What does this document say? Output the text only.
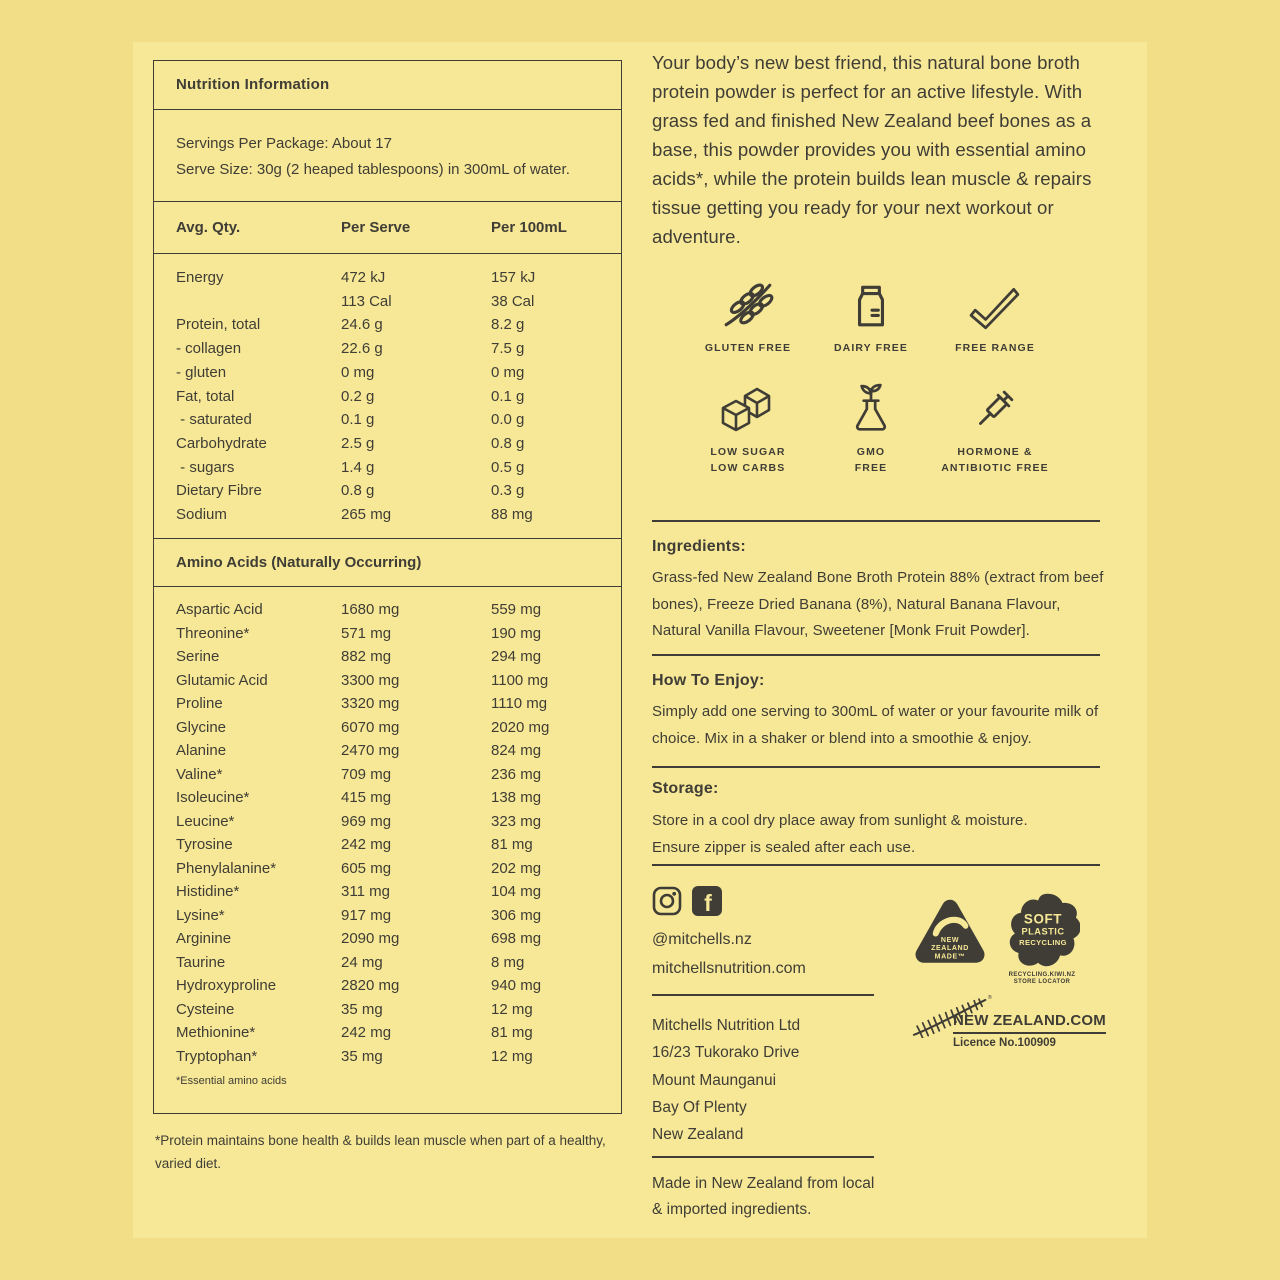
Nutrition Information
Servings Per Package: About 17
Serve Size: 30g (2 heaped tablespoons) in 300mL of water.
Avg. Qty.	Per Serve	Per 100mL
Energy	472 kJ	157 kJ
113 Cal	38 Cal
Protein, total	24.6 g	8.2 g
- collagen	22.6 g	7.5 g
- gluten	0 mg	0 mg
Fat, total	0.2 g	0.1 g
- saturated	0.1 g	0.0 g
Carbohydrate	2.5 g	0.8 g
- sugars	1.4 g	0.5 g
Dietary Fibre	0.8 g	0.3 g
Sodium	265 mg	88 mg
Amino Acids (Naturally Occurring)
Aspartic Acid	1680 mg	559 mg
Threonine*	571 mg	190 mg
Serine	882 mg	294 mg
Glutamic Acid	3300 mg	1100 mg
Proline	3320 mg	1110 mg
Glycine	6070 mg	2020 mg
Alanine	2470 mg	824 mg
Valine*	709 mg	236 mg
Isoleucine*	415 mg	138 mg
Leucine*	969 mg	323 mg
Tyrosine	242 mg	81 mg
Phenylalanine*	605 mg	202 mg
Histidine*	311 mg	104 mg
Lysine*	917 mg	306 mg
Arginine	2090 mg	698 mg
Taurine	24 mg	8 mg
Hydroxyproline	2820 mg	940 mg
Cysteine	35 mg	12 mg
Methionine*	242 mg	81 mg
Tryptophan*	35 mg	12 mg
*Essential amino acids
*Protein maintains bone health & builds lean muscle when part of a healthy, varied diet.
Your body’s new best friend, this natural bone broth protein powder is perfect for an active lifestyle. With grass fed and finished New Zealand beef bones as a base, this powder provides you with essential amino acids*, while the protein builds lean muscle & repairs tissue getting you ready for your next workout or adventure.
GLUTEN FREE	DAIRY FREE	FREE RANGE
LOW SUGAR
LOW CARBS
GMO
FREE
HORMONE &
ANTIBIOTIC FREE
Ingredients:
Grass-fed New Zealand Bone Broth Protein 88% (extract from beef bones), Freeze Dried Banana (8%), Natural Banana Flavour, Natural Vanilla Flavour, Sweetener [Monk Fruit Powder].
How To Enjoy:
Simply add one serving to 300mL of water or your favourite milk of choice. Mix in a shaker or blend into a smoothie & enjoy.
Storage:
Store in a cool dry place away from sunlight & moisture.
Ensure zipper is sealed after each use.
f
@mitchells.nz
mitchellsnutrition.com
Mitchells Nutrition Ltd
16/23 Tukorako Drive
Mount Maunganui
Bay Of Plenty
New Zealand
Made in New Zealand from local
& imported ingredients.
NEW
ZEALAND
MADE™
SOFT
PLASTIC
RECYCLING
RECYCLING.KIWI.NZ
STORE LOCATOR
®
NEW ZEALAND.COM
Licence No.100909
